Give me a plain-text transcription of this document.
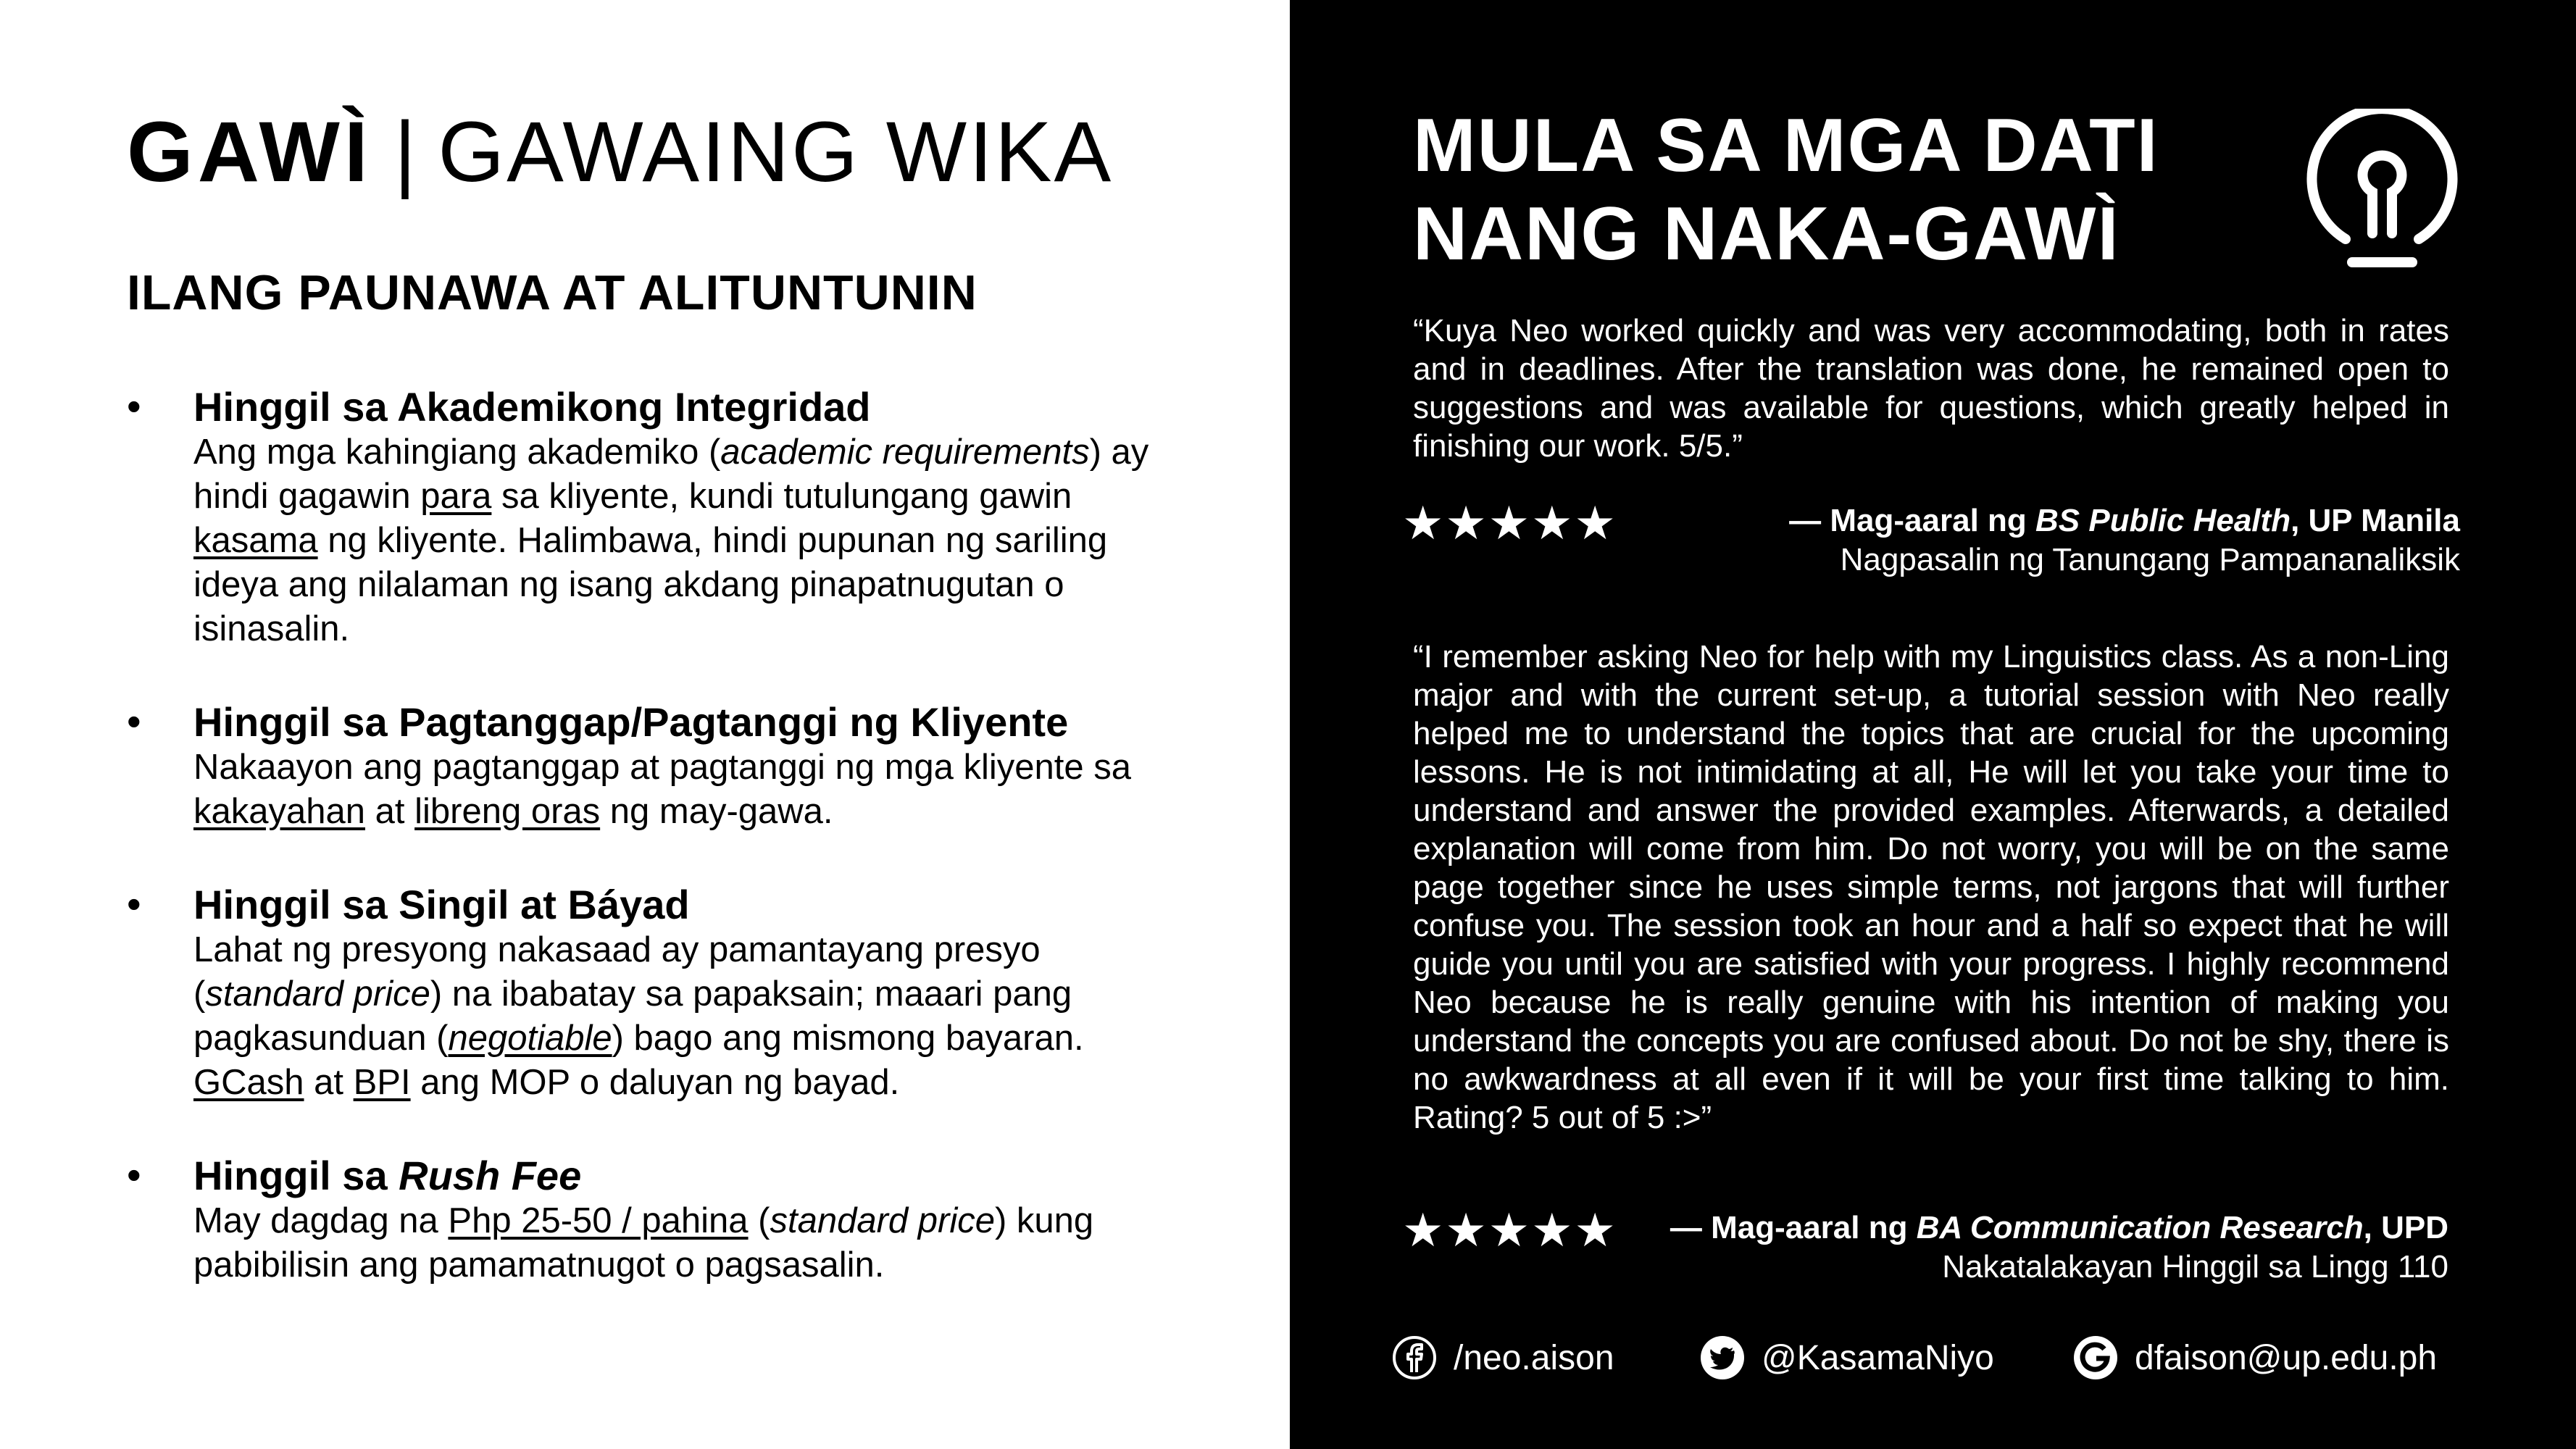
GAWÌ | GAWAING WIKA
ILANG PAUNAWA AT ALITUNTUNIN
• Hinggil sa Akademikong Integridad
Ang mga kahingiang akademiko (academic requirements) ay hindi gagawin para sa kliyente, kundi tutulungang gawin kasama ng kliyente. Halimbawa, hindi pupunan ng sariling ideya ang nilalaman ng isang akdang pinapatnugutan o isinasalin.
• Hinggil sa Pagtanggap/Pagtanggi ng Kliyente
Nakaayon ang pagtanggap at pagtanggi ng mga kliyente sa kakayahan at libreng oras ng may-gawa.
• Hinggil sa Singil at Báyad
Lahat ng presyong nakasaad ay pamantayang presyo (standard price) na ibabatay sa papaksain; maaari pang pagkasunduan (negotiable) bago ang mismong bayaran. GCash at BPI ang MOP o daluyan ng bayad.
• Hinggil sa Rush Fee
May dagdag na Php 25-50 / pahina (standard price) kung pabibilisin ang pamamatnugot o pagsasalin.
MULA SA MGA DATI
NANG NAKA-GAWÌ
“Kuya Neo worked quickly and was very accommodating, both in rates and in deadlines. After the translation was done, he remained open to suggestions and was available for questions, which greatly helped in finishing our work. 5/5.”
★★★★★	— Mag-aaral ng BS Public Health, UP Manila
Nagpasalin ng Tanungang Pampananaliksik
“I remember asking Neo for help with my Linguistics class. As a non-Ling major and with the current set-up, a tutorial session with Neo really helped me to understand the topics that are crucial for the upcoming lessons. He is not intimidating at all, He will let you take your time to understand and answer the provided examples. Afterwards, a detailed explanation will come from him. Do not worry, you will be on the same page together since he uses simple terms, not jargons that will further confuse you. The session took an hour and a half so expect that he will guide you until you are satisfied with your progress. I highly recommend Neo because he is really genuine with his intention of making you understand the concepts you are confused about. Do not be shy, there is no awkwardness at all even if it will be your first time talking to him. Rating? 5 out of 5 :>”
★★★★★ — Mag-aaral ng BA Communication Research, UPD
Nakatalakayan Hinggil sa Lingg 110
/neo.aison	@KasamaNiyo	dfaison@up.edu.ph
